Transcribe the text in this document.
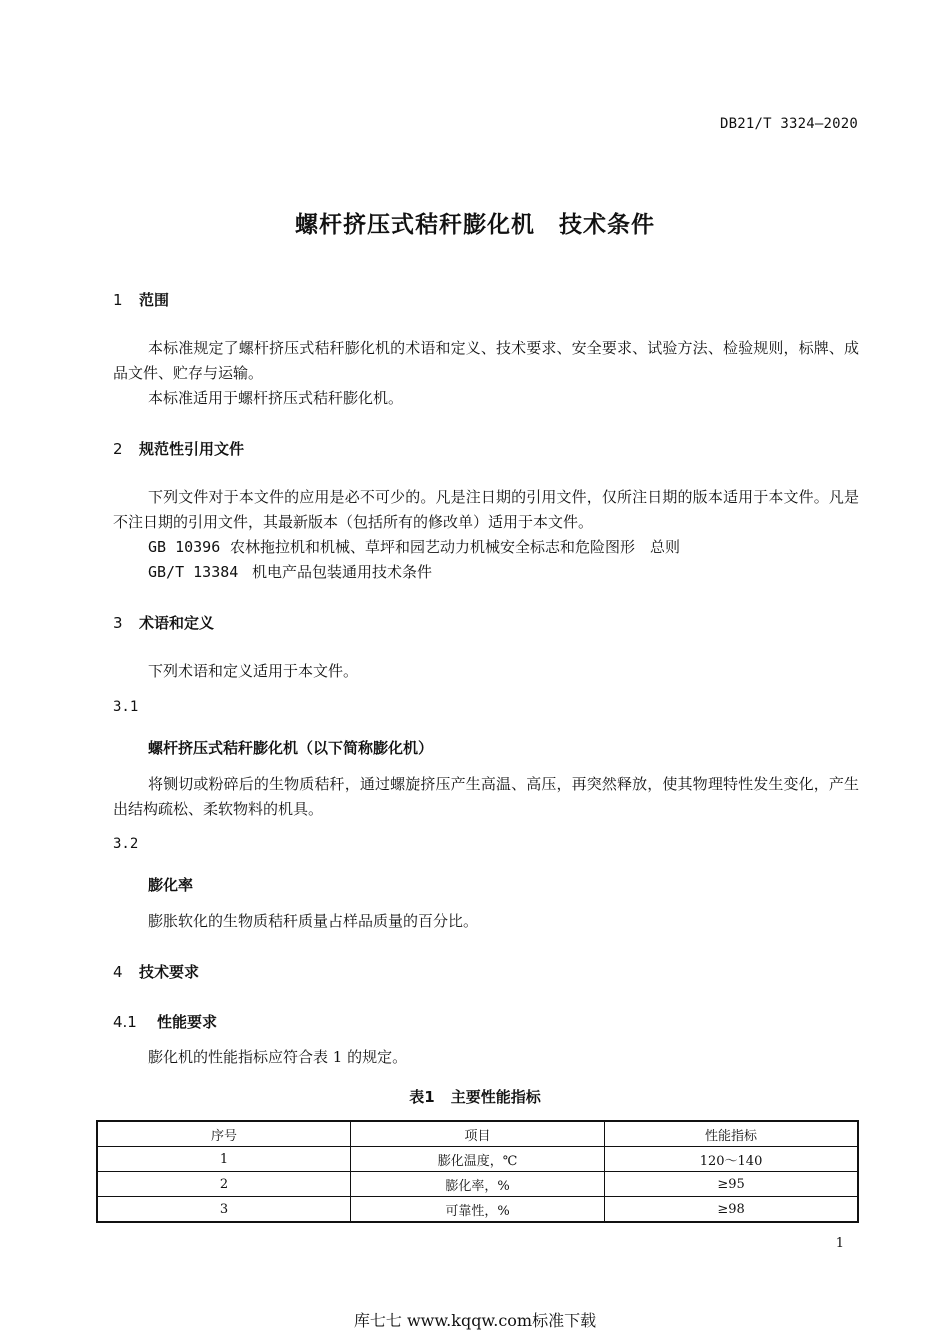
DB21/T 3324—2020
螺杆挤压式秸秆膨化机　技术条件
1 范围
本标准规定了螺杆挤压式秸秆膨化机的术语和定义、技术要求、安全要求、试验方法、检验规则，标牌、成品文件、贮存与运输。
本标准适用于螺杆挤压式秸秆膨化机。
2 规范性引用文件
下列文件对于本文件的应用是必不可少的。凡是注日期的引用文件，仅所注日期的版本适用于本文件。凡是不注日期的引用文件，其最新版本（包括所有的修改单）适用于本文件。
GB 10396 农林拖拉机和机械、草坪和园艺动力机械安全标志和危险图形　总则
GB/T 13384 机电产品包装通用技术条件
3 术语和定义
下列术语和定义适用于本文件。
3.1
螺杆挤压式秸秆膨化机（以下简称膨化机）
将铡切或粉碎后的生物质秸秆，通过螺旋挤压产生高温、高压，再突然释放，使其物理特性发生变化，产生出结构疏松、柔软物料的机具。
3.2
膨化率
膨胀软化的生物质秸秆质量占样品质量的百分比。
4 技术要求
4.1 性能要求
膨化机的性能指标应符合表 1 的规定。
表1 主要性能指标
序号	项目	性能指标
1	膨化温度，℃	120～140
2	膨化率，%	≥95
3	可靠性，%	≥98
1
库七七 www.kqqw.com标准下载
